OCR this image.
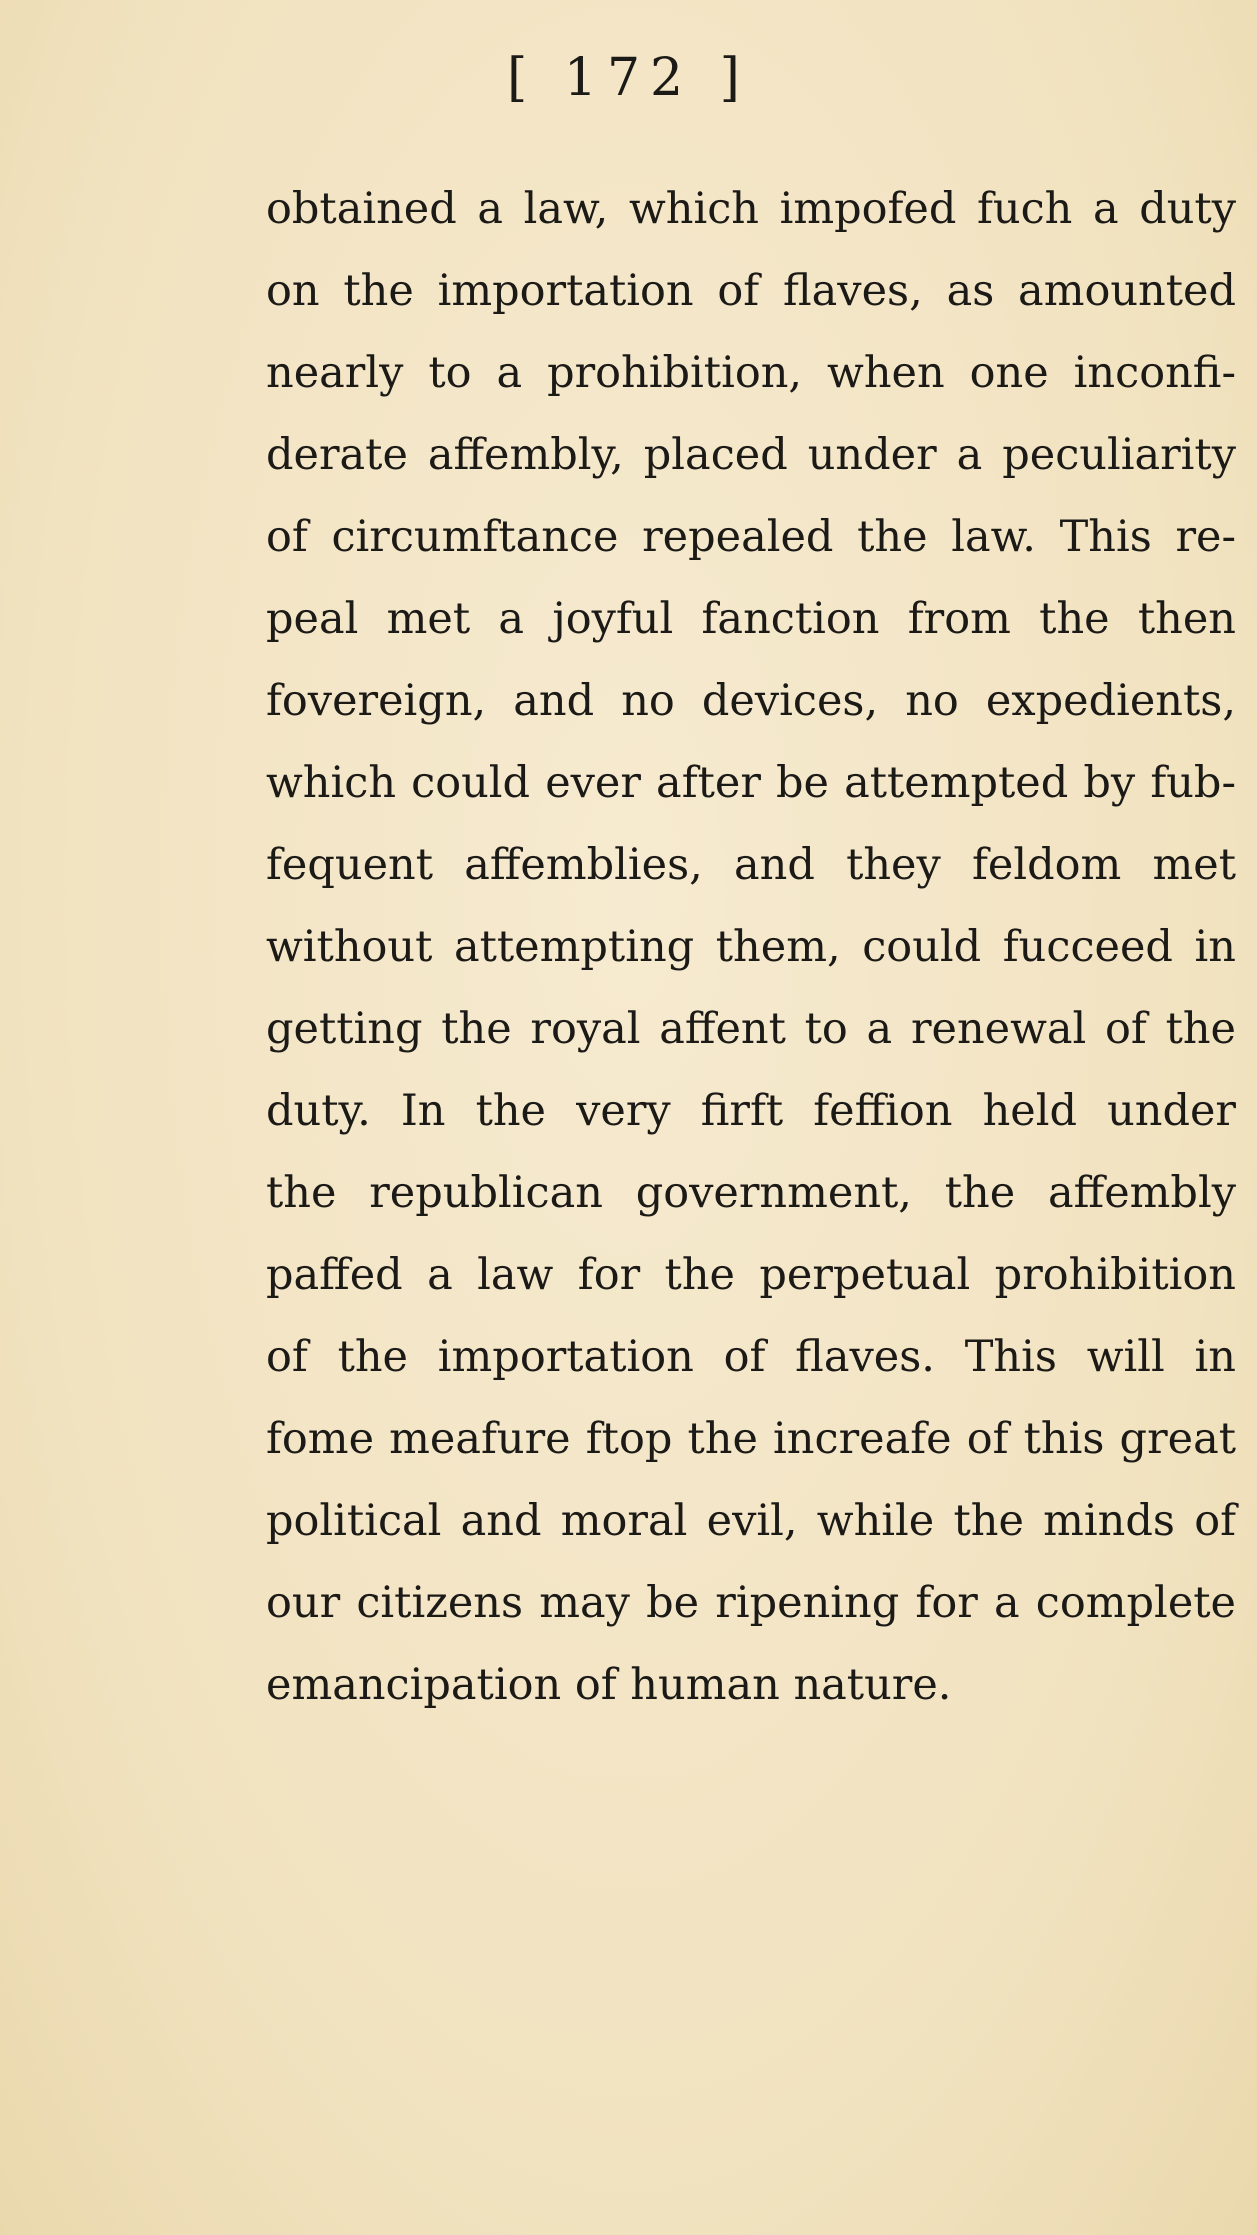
[ 172 ]
obtained a law, which impofed fuch a duty
on the importation of flaves, as amounted
nearly to a prohibition, when one inconfi-
derate affembly, placed under a peculiarity
of circumftance repealed the law. This re-
peal met a joyful fanction from the then
fovereign, and no devices, no expedients,
which could ever after be attempted by fub-
fequent affemblies, and they feldom met
without attempting them, could fucceed in
getting the royal affent to a renewal of the
duty. In the very firft feffion held under
the republican government, the affembly
paffed a law for the perpetual prohibition
of the importation of flaves. This will in
fome meafure ftop the increafe of this great
political and moral evil, while the minds of
our citizens may be ripening for a complete
emancipation of human nature.
